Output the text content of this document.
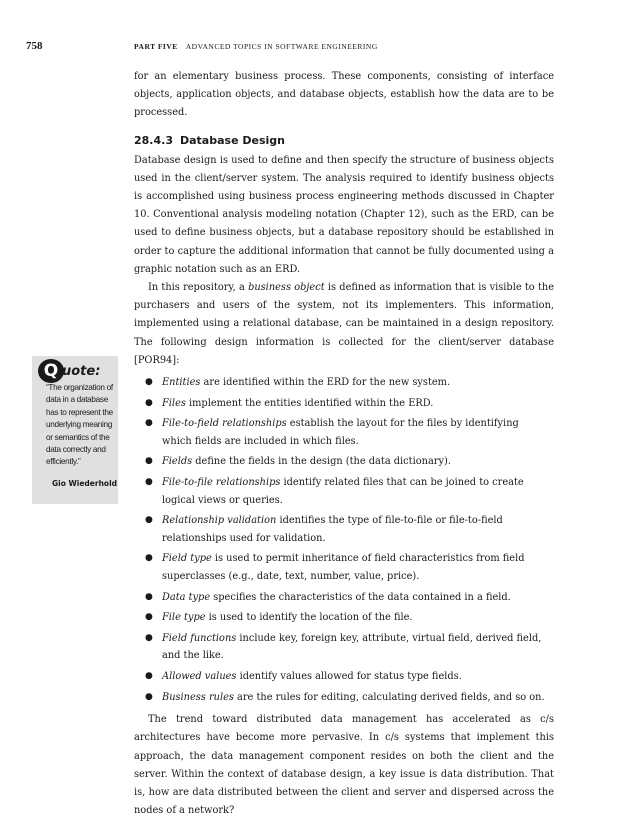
758	PART FIVE ADVANCED TOPICS IN SOFTWARE ENGINEERING
Q uote:
“The organization of data in a database has to represent the underlying meaning or semantics of the data correctly and efficiently.”
Gio Wiederhold

for an elementary business process. These components, consisting of interface objects, application objects, and database objects, establish how the data are to be processed.

28.4.3 Database Design

Database design is used to define and then specify the structure of business objects used in the client/server system. The analysis required to identify business objects is accomplished using business process engineering methods discussed in Chapter 10. Conventional analysis modeling notation (Chapter 12), such as the ERD, can be used to define business objects, but a database repository should be established in order to capture the additional information that cannot be fully documented using a graphic notation such as an ERD.

In this repository, a business object is defined as information that is visible to the purchasers and users of the system, not its implementers. This information, implemented using a relational database, can be maintained in a design repository. The following design information is collected for the client/server database [POR94]:

● Entities are identified within the ERD for the new system.
● Files implement the entities identified within the ERD.
● File-to-field relationships establish the layout for the files by identifying which fields are included in which files.
● Fields define the fields in the design (the data dictionary).
● File-to-file relationships identify related files that can be joined to create logical views or queries.
● Relationship validation identifies the type of file-to-file or file-to-field relationships used for validation.
● Field type is used to permit inheritance of field characteristics from field superclasses (e.g., date, text, number, value, price).
● Data type specifies the characteristics of the data contained in a field.
● File type is used to identify the location of the file.
● Field functions include key, foreign key, attribute, virtual field, derived field, and the like.
● Allowed values identify values allowed for status type fields.
● Business rules are the rules for editing, calculating derived fields, and so on.

The trend toward distributed data management has accelerated as c/s architectures have become more pervasive. In c/s systems that implement this approach, the data management component resides on both the client and the server. Within the context of database design, a key issue is data distribution. That is, how are data distributed between the client and server and dispersed across the nodes of a network?
